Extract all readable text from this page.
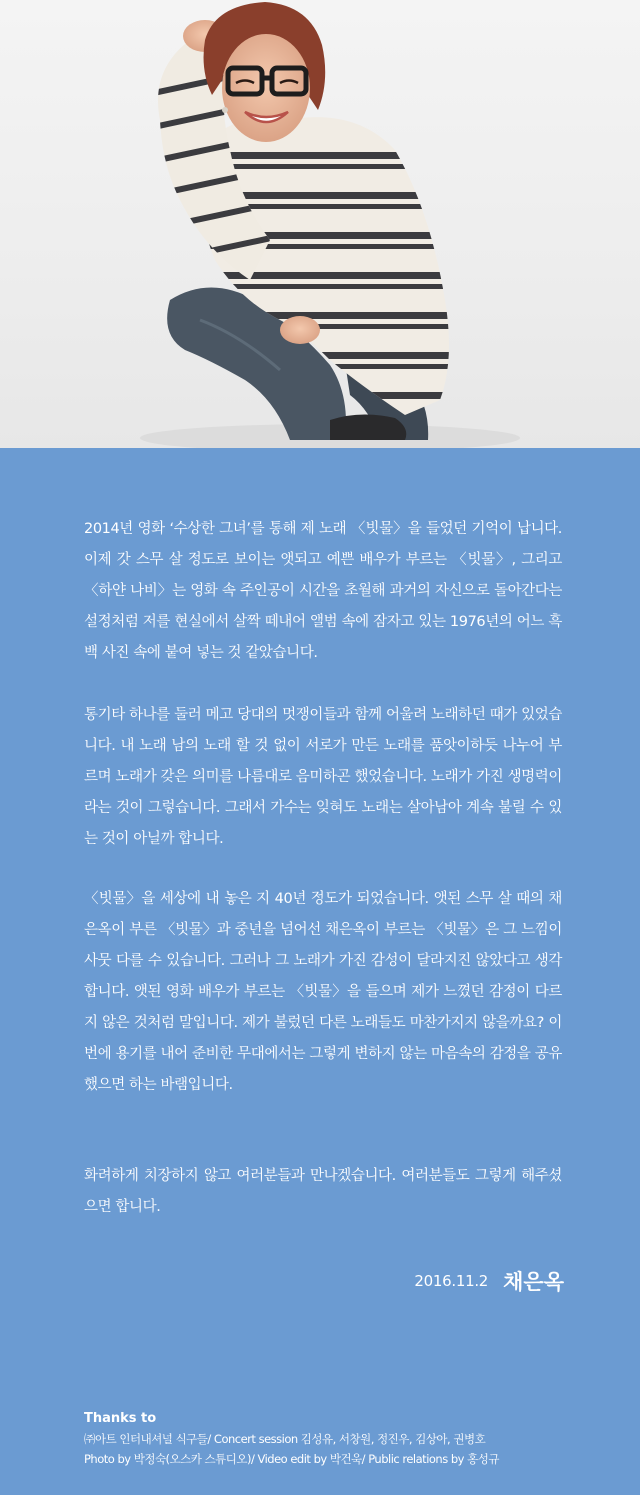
2014년 영화 ‘수상한 그녀’를 통해 제 노래 〈빗물〉을 들었던 기억이 납니다. 이제 갓 스무 살 정도로 보이는 앳되고 예쁜 배우가 부르는 〈빗물〉, 그리고 〈하얀 나비〉는 영화 속 주인공이 시간을 초월해 과거의 자신으로 돌아간다는 설정처럼 저를 현실에서 살짝 떼내어 앨범 속에 잠자고 있는 1976년의 어느 흑백 사진 속에 붙여 넣는 것 같았습니다.

통기타 하나를 둘러 메고 당대의 멋쟁이들과 함께 어울려 노래하던 때가 있었습니다. 내 노래 남의 노래 할 것 없이 서로가 만든 노래를 품앗이하듯 나누어 부르며 노래가 갖은 의미를 나름대로 음미하곤 했었습니다. 노래가 가진 생명력이라는 것이 그렇습니다. 그래서 가수는 잊혀도 노래는 살아남아 계속 불릴 수 있는 것이 아닐까 합니다.

〈빗물〉을 세상에 내 놓은 지 40년 정도가 되었습니다. 앳된 스무 살 때의 채은옥이 부른 〈빗물〉과 중년을 넘어선 채은옥이 부르는 〈빗물〉은 그 느낌이 사뭇 다를 수 있습니다. 그러나 그 노래가 가진 감성이 달라지진 않았다고 생각합니다. 앳된 영화 배우가 부르는 〈빗물〉을 들으며 제가 느꼈던 감정이 다르지 않은 것처럼 말입니다. 제가 불렀던 다른 노래들도 마찬가지지 않을까요? 이번에 용기를 내어 준비한 무대에서는 그렇게 변하지 않는 마음속의 감정을 공유했으면 하는 바램입니다.

화려하게 치장하지 않고 여러분들과 만나겠습니다. 여러분들도 그렇게 해주셨으면 합니다.

2016.11.2 채은옥
Thanks to
㈜아트 인터내셔널 식구들/ Concert session 김성유, 서창원, 정진우, 김상아, 권병호
Photo by 박정숙(오스카 스튜디오)/ Video edit by 박건욱/ Public relations by 홍성규
